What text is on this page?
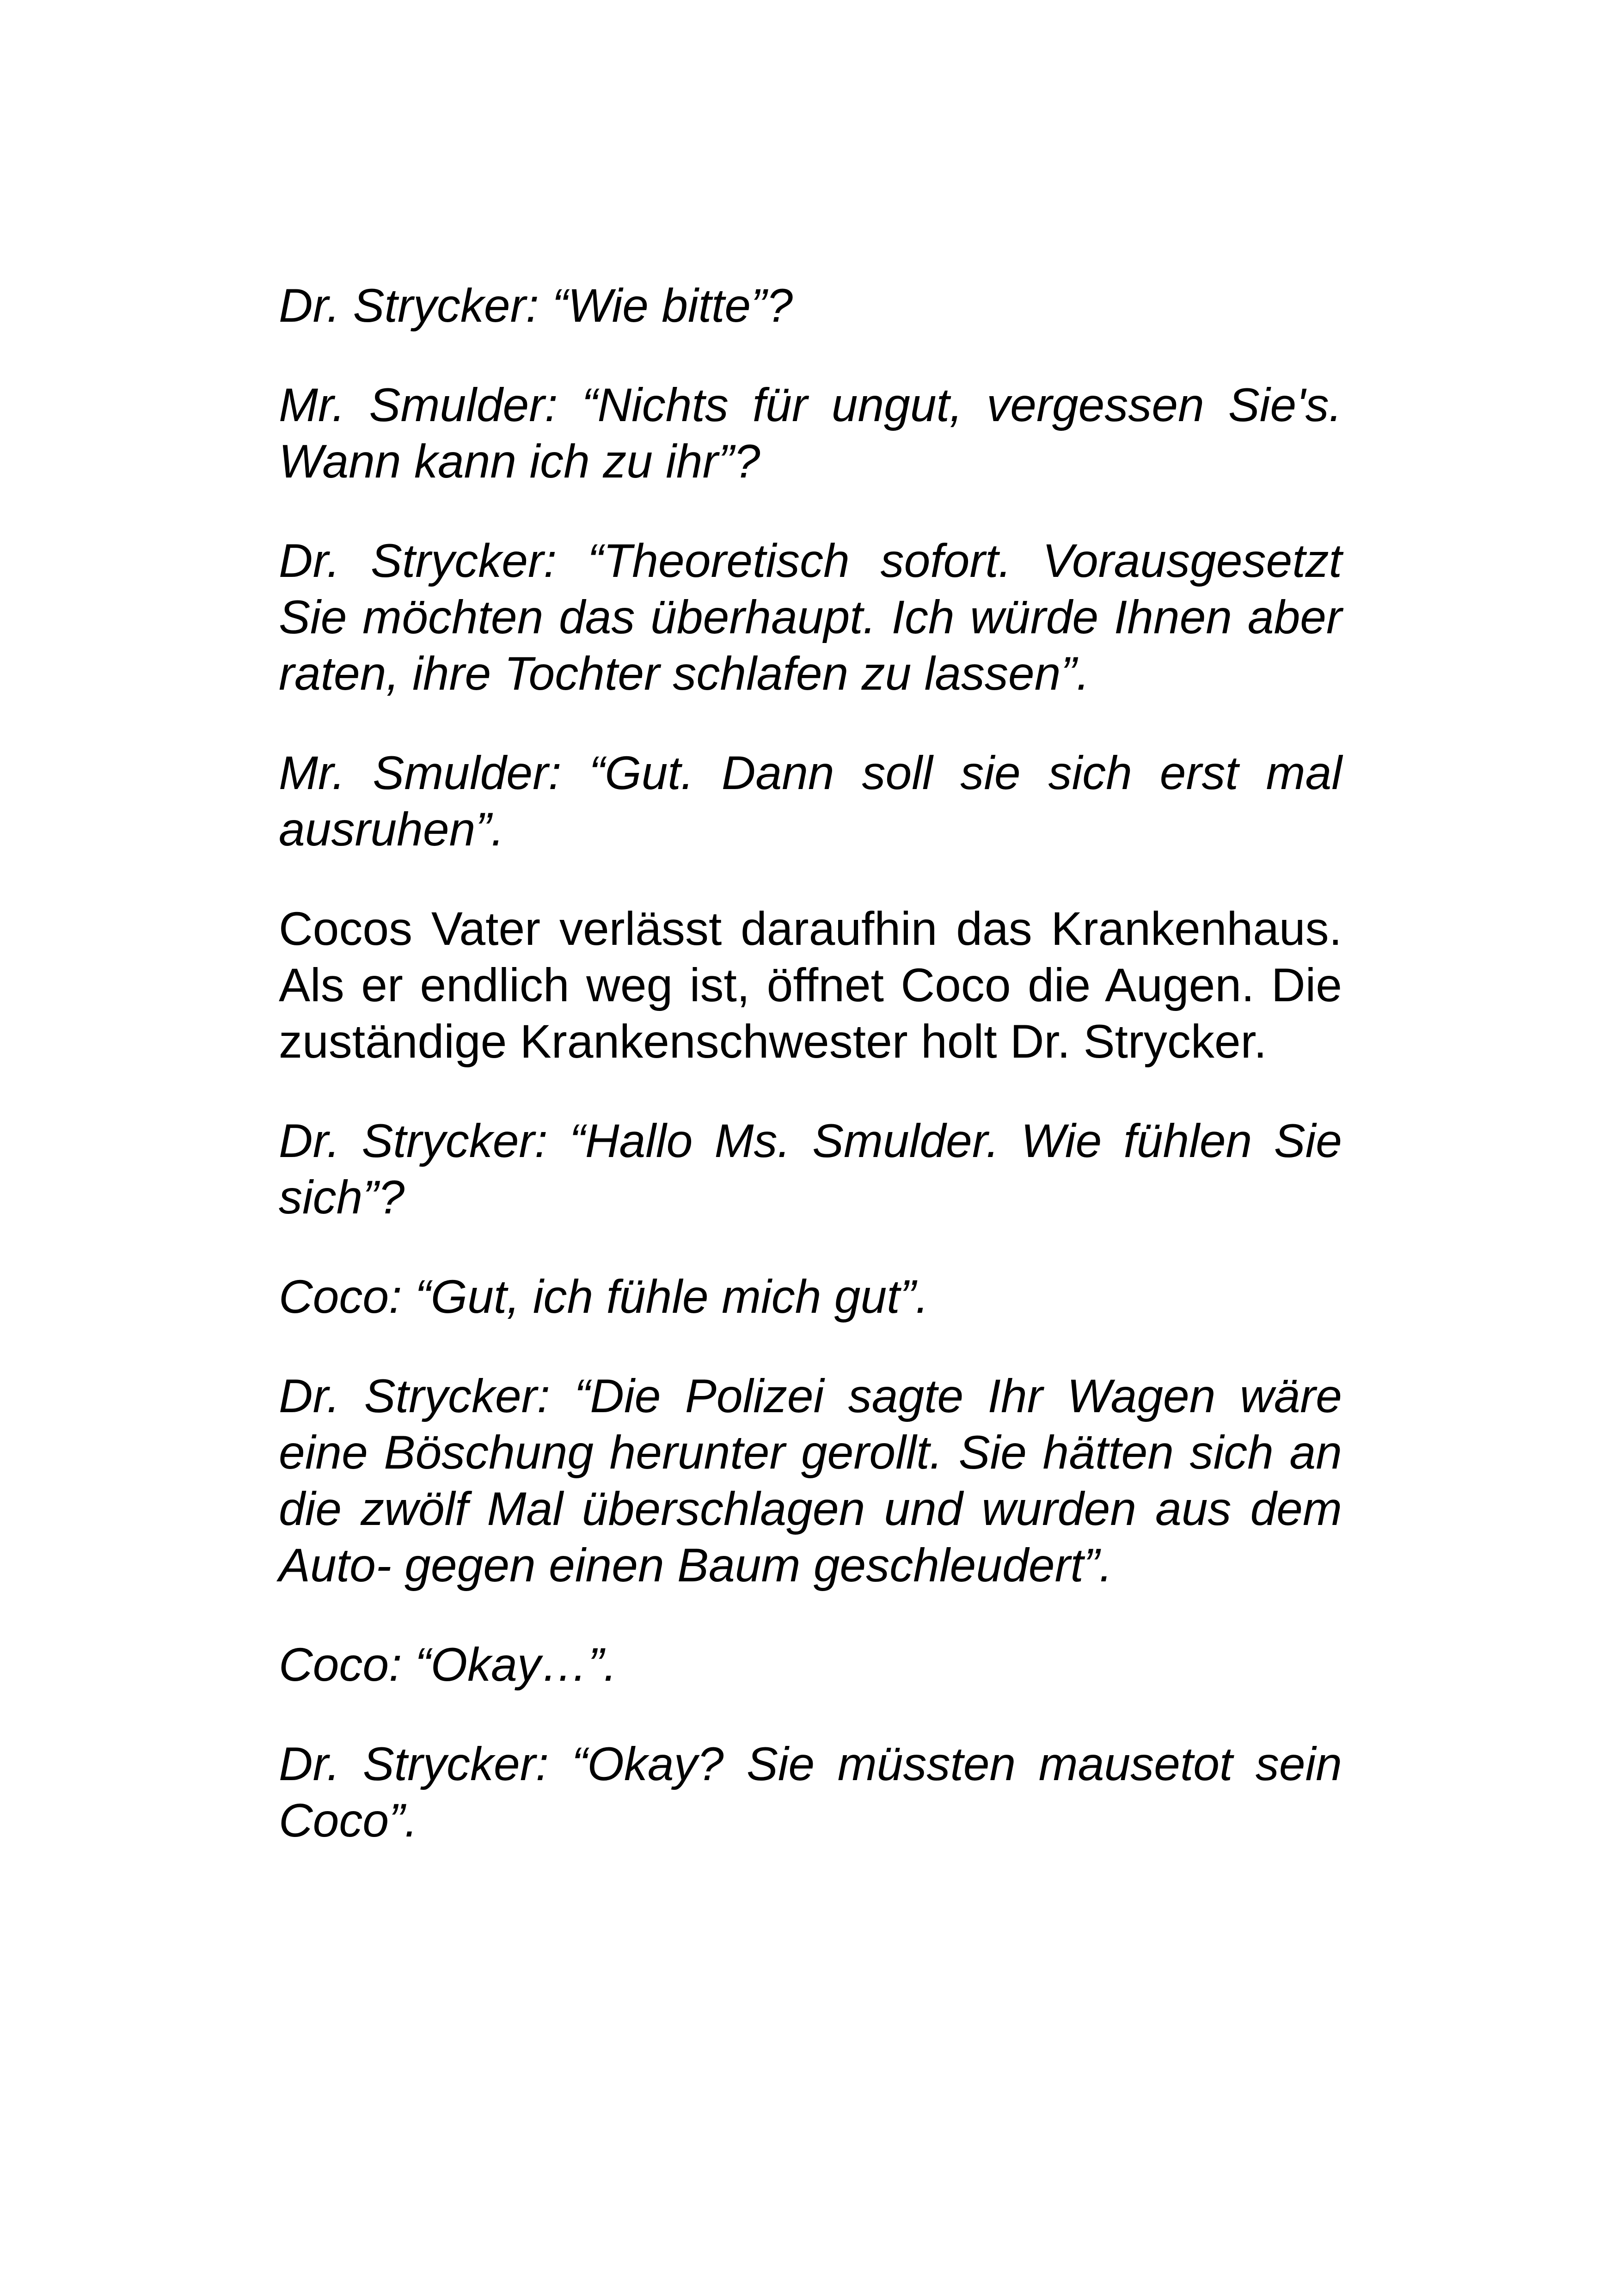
Dr. Strycker: “Wie bitte”?

Mr. Smulder: “Nichts für ungut, vergessen Sie's. Wann kann ich zu ihr”?

Dr. Strycker: “Theoretisch sofort. Vorausgesetzt Sie möchten das überhaupt. Ich würde Ihnen aber raten, ihre Tochter schlafen zu lassen”.

Mr. Smulder: “Gut. Dann soll sie sich erst mal ausruhen”.

Cocos Vater verlässt daraufhin das Krankenhaus. Als er endlich weg ist, öffnet Coco die Augen. Die zuständige Krankenschwester holt Dr. Strycker.

Dr. Strycker: “Hallo Ms. Smulder. Wie fühlen Sie sich”?

Coco: “Gut, ich fühle mich gut”.

Dr. Strycker: “Die Polizei sagte Ihr Wagen wäre eine Böschung herunter gerollt. Sie hätten sich an die zwölf Mal überschlagen und wurden aus dem Auto- gegen einen Baum geschleudert”.

Coco: “Okay…”.

Dr. Strycker: “Okay? Sie müssten mausetot sein Coco”.
